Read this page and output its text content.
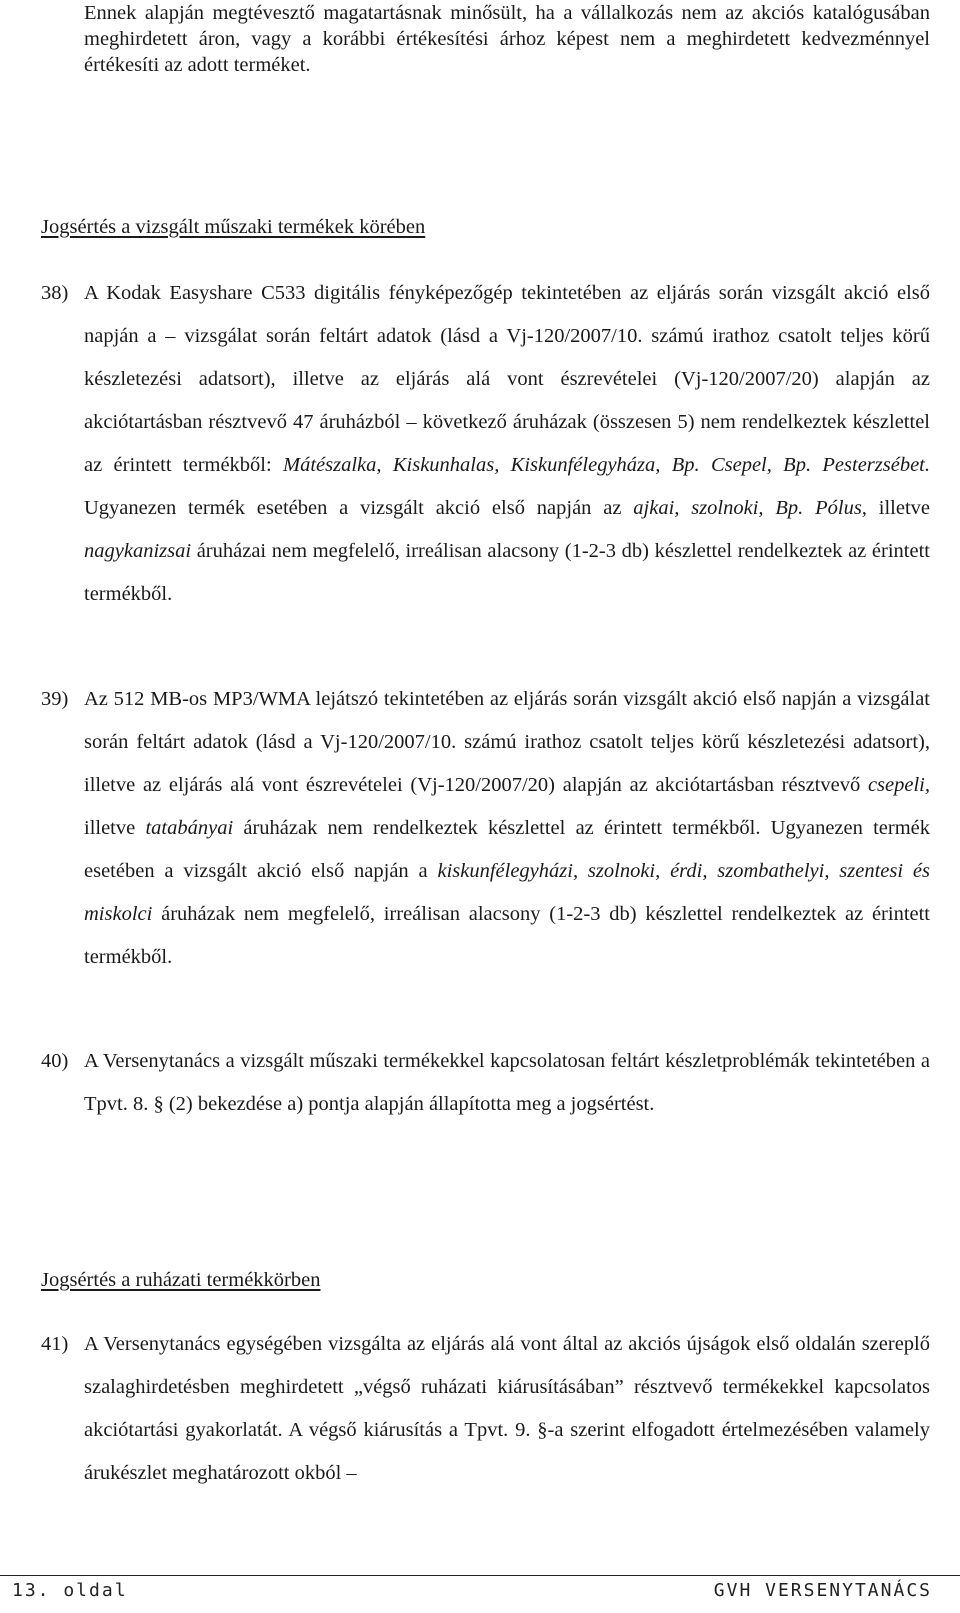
Ennek alapján megtévesztő magatartásnak minősült, ha a vállalkozás nem az akciós katalógusában meghirdetett áron, vagy a korábbi értékesítési árhoz képest nem a meghirdetett kedvezménnyel értékesíti az adott terméket.

Jogsértés a vizsgált műszaki termékek körében
38) A Kodak Easyshare C533 digitális fényképezőgép tekintetében az eljárás során vizsgált akció első napján a – vizsgálat során feltárt adatok (lásd a Vj-120/2007/10. számú irathoz csatolt teljes körű készletezési adatsort), illetve az eljárás alá vont észrevételei (Vj-120/2007/20) alapján az akciótartásban résztvevő 47 áruházból – következő áruházak (összesen 5) nem rendelkeztek készlettel az érintett termékből: Mátészalka, Kiskunhalas, Kiskunfélegyháza, Bp. Csepel, Bp. Pesterzsébet. Ugyanezen termék esetében a vizsgált akció első napján az ajkai, szolnoki, Bp. Pólus, illetve nagykanizsai áruházai nem megfelelő, irreálisan alacsony (1-2-3 db) készlettel rendelkeztek az érintett termékből.

39) Az 512 MB-os MP3/WMA lejátszó tekintetében az eljárás során vizsgált akció első napján a vizsgálat során feltárt adatok (lásd a Vj-120/2007/10. számú irathoz csatolt teljes körű készletezési adatsort), illetve az eljárás alá vont észrevételei (Vj-120/2007/20) alapján az akciótartásban résztvevő csepeli, illetve tatabányai áruházak nem rendelkeztek készlettel az érintett termékből. Ugyanezen termék esetében a vizsgált akció első napján a kiskunfélegyházi, szolnoki, érdi, szombathelyi, szentesi és miskolci áruházak nem megfelelő, irreálisan alacsony (1-2-3 db) készlettel rendelkeztek az érintett termékből.

40) A Versenytanács a vizsgált műszaki termékekkel kapcsolatosan feltárt készletproblémák tekintetében a Tpvt. 8. § (2) bekezdése a) pontja alapján állapította meg a jogsértést.

Jogsértés a ruházati termékkörben
41) A Versenytanács egységében vizsgálta az eljárás alá vont által az akciós újságok első oldalán szereplő szalaghirdetésben meghirdetett „végső ruházati kiárusításában” résztvevő termékekkel kapcsolatos akciótartási gyakorlatát. A végső kiárusítás a Tpvt. 9. §-a szerint elfogadott értelmezésében valamely árukészlet meghatározott okból –

13. oldal	GVH VERSENYTANÁCS
